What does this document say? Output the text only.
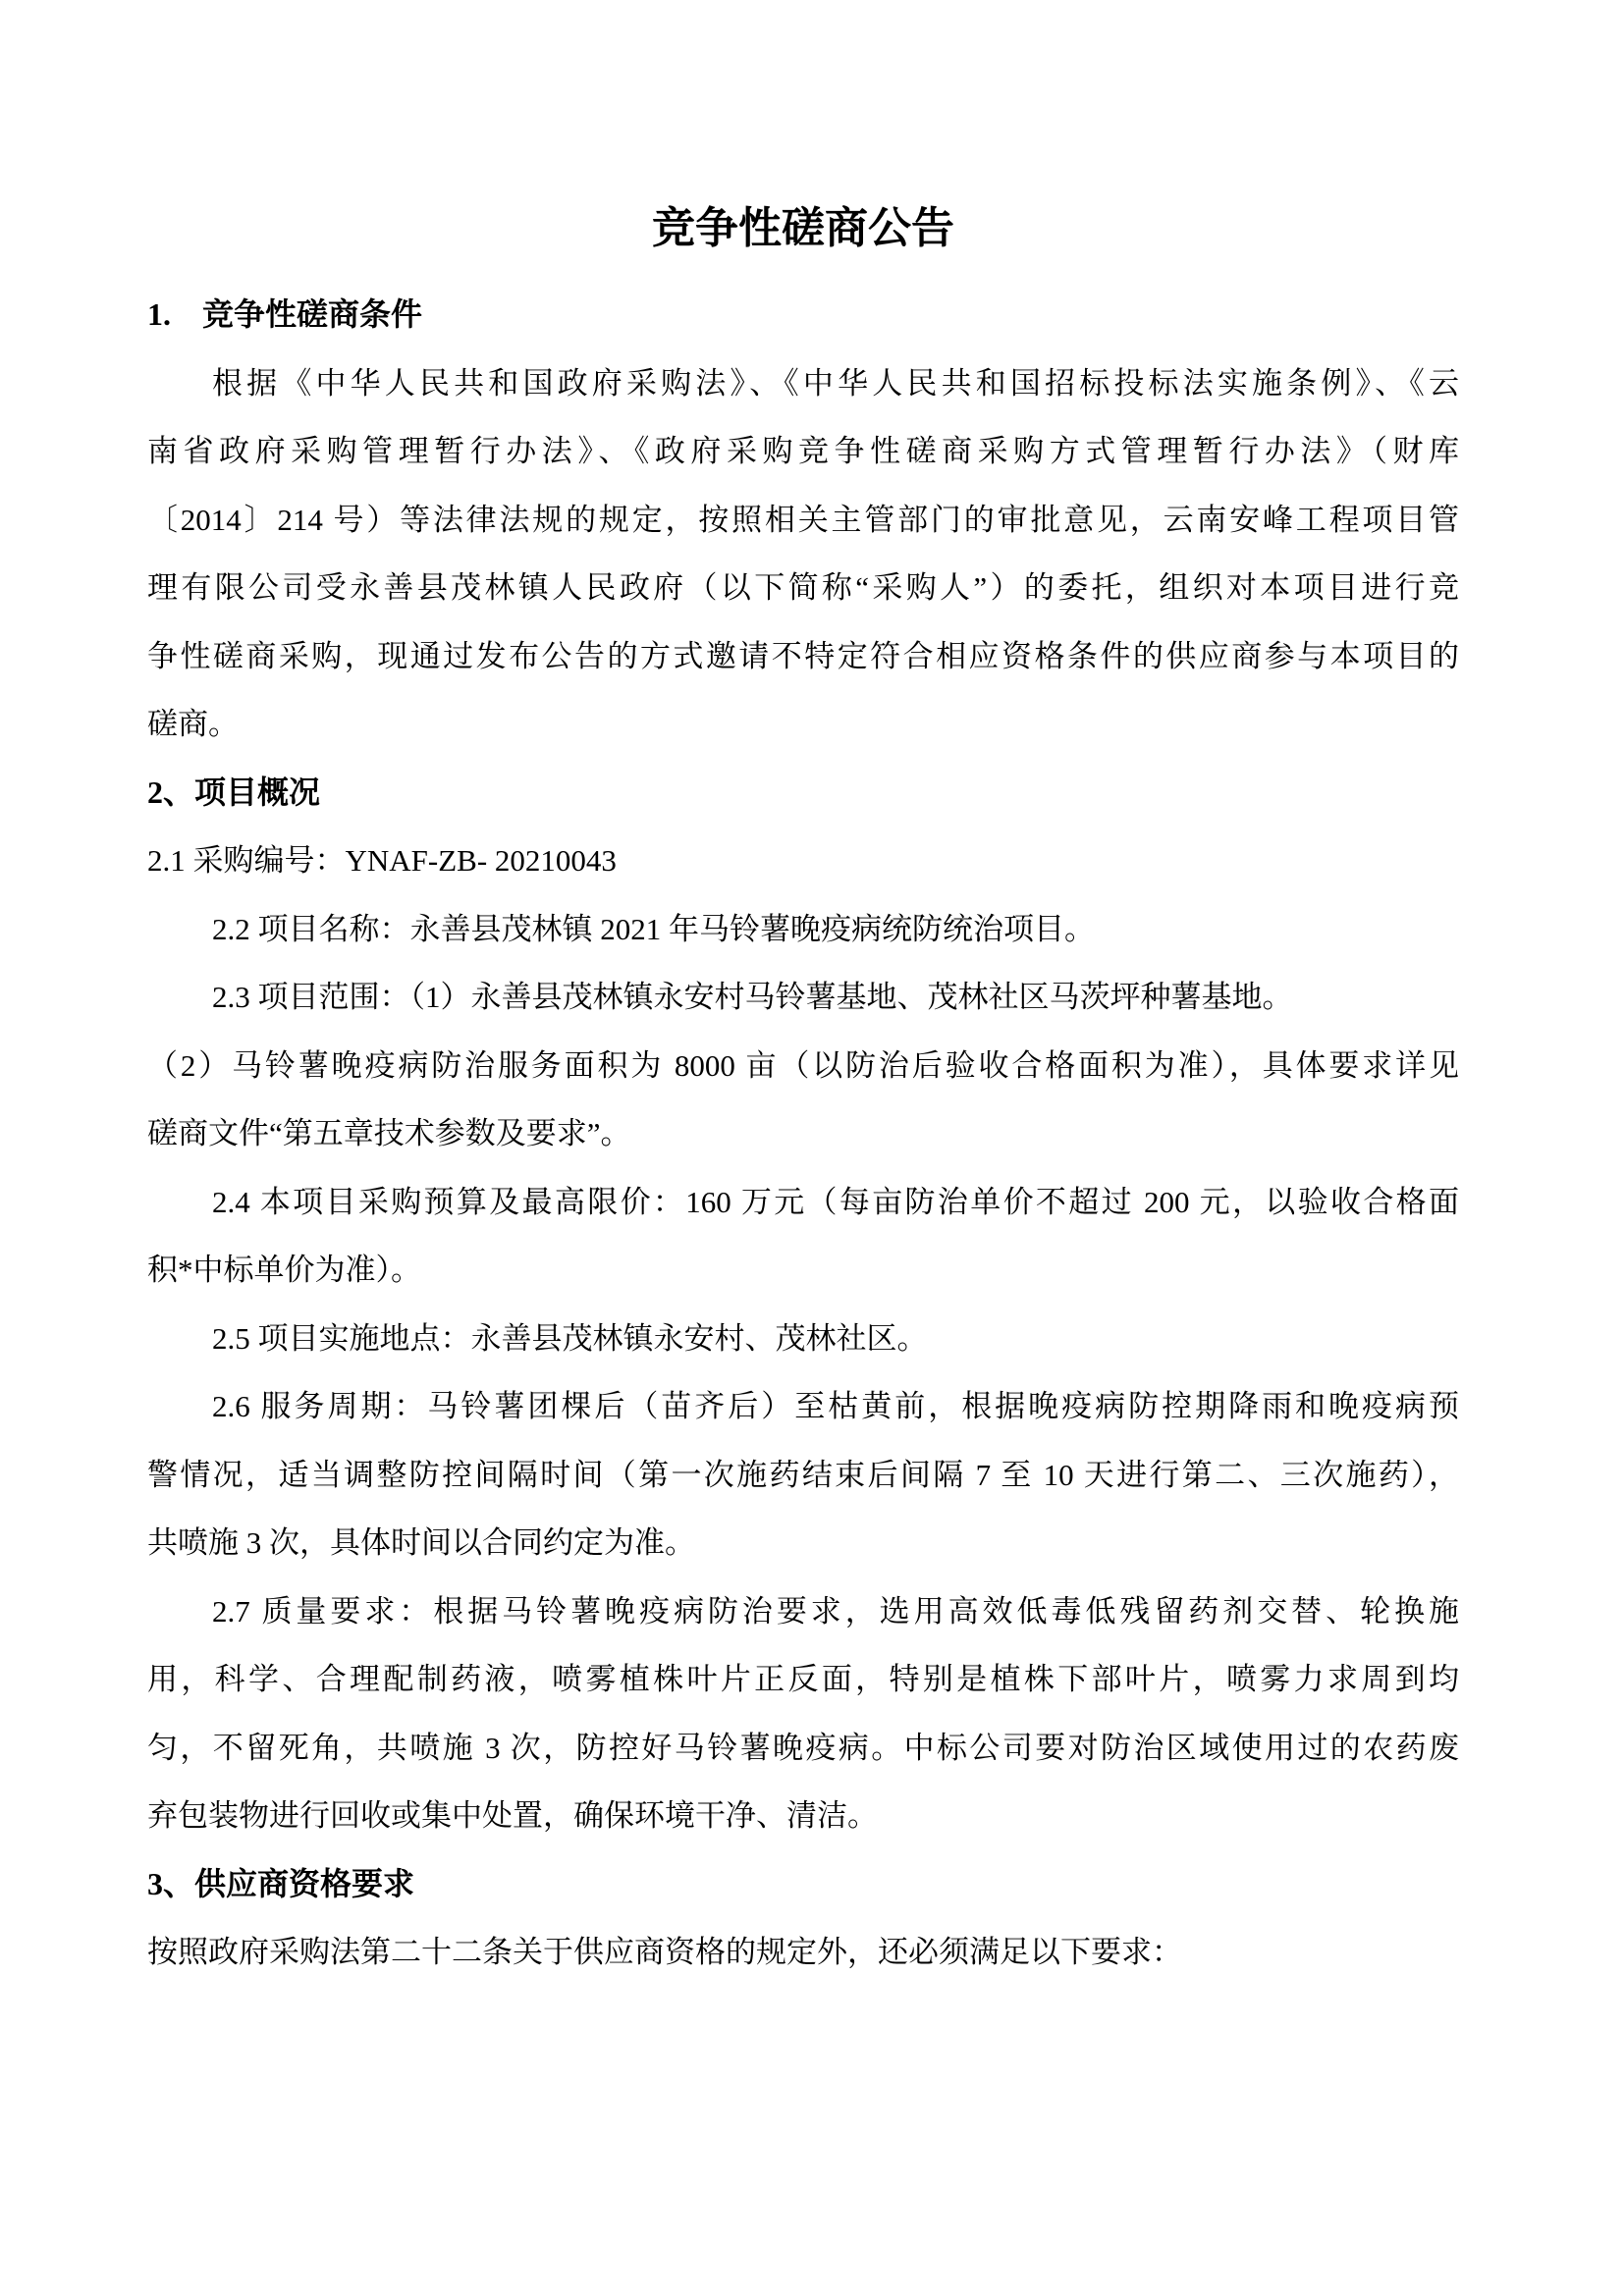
竞争性磋商公告
1.　竞争性磋商条件
根据《中华人民共和国政府采购法》、《中华人民共和国招标投标法实施条例》、《云
南省政府采购管理暂行办法》、《政府采购竞争性磋商采购方式管理暂行办法》（财库
〔2014〕214 号）等法律法规的规定，按照相关主管部门的审批意见，云南安峰工程项目管
理有限公司受永善县茂林镇人民政府（以下简称“采购人”）的委托，组织对本项目进行竞
争性磋商采购，现通过发布公告的方式邀请不特定符合相应资格条件的供应商参与本项目的
磋商。
2、项目概况
2.1 采购编号：YNAF-ZB- 20210043
2.2 项目名称：永善县茂林镇 2021 年马铃薯晚疫病统防统治项目。
2.3 项目范围：（1）永善县茂林镇永安村马铃薯基地、茂林社区马茨坪种薯基地。
（2）马铃薯晚疫病防治服务面积为 8000 亩（以防治后验收合格面积为准），具体要求详见
磋商文件“第五章技术参数及要求”。
2.4 本项目采购预算及最高限价：160 万元（每亩防治单价不超过 200 元，以验收合格面
积*中标单价为准）。
2.5 项目实施地点：永善县茂林镇永安村、茂林社区。
2.6 服务周期：马铃薯团棵后（苗齐后）至枯黄前，根据晚疫病防控期降雨和晚疫病预
警情况，适当调整防控间隔时间（第一次施药结束后间隔 7 至 10 天进行第二、三次施药），
共喷施 3 次，具体时间以合同约定为准。
2.7 质量要求：根据马铃薯晚疫病防治要求，选用高效低毒低残留药剂交替、轮换施
用，科学、合理配制药液，喷雾植株叶片正反面，特别是植株下部叶片，喷雾力求周到均
匀，不留死角，共喷施 3 次，防控好马铃薯晚疫病。中标公司要对防治区域使用过的农药废
弃包装物进行回收或集中处置，确保环境干净、清洁。
3、供应商资格要求
按照政府采购法第二十二条关于供应商资格的规定外，还必须满足以下要求：
